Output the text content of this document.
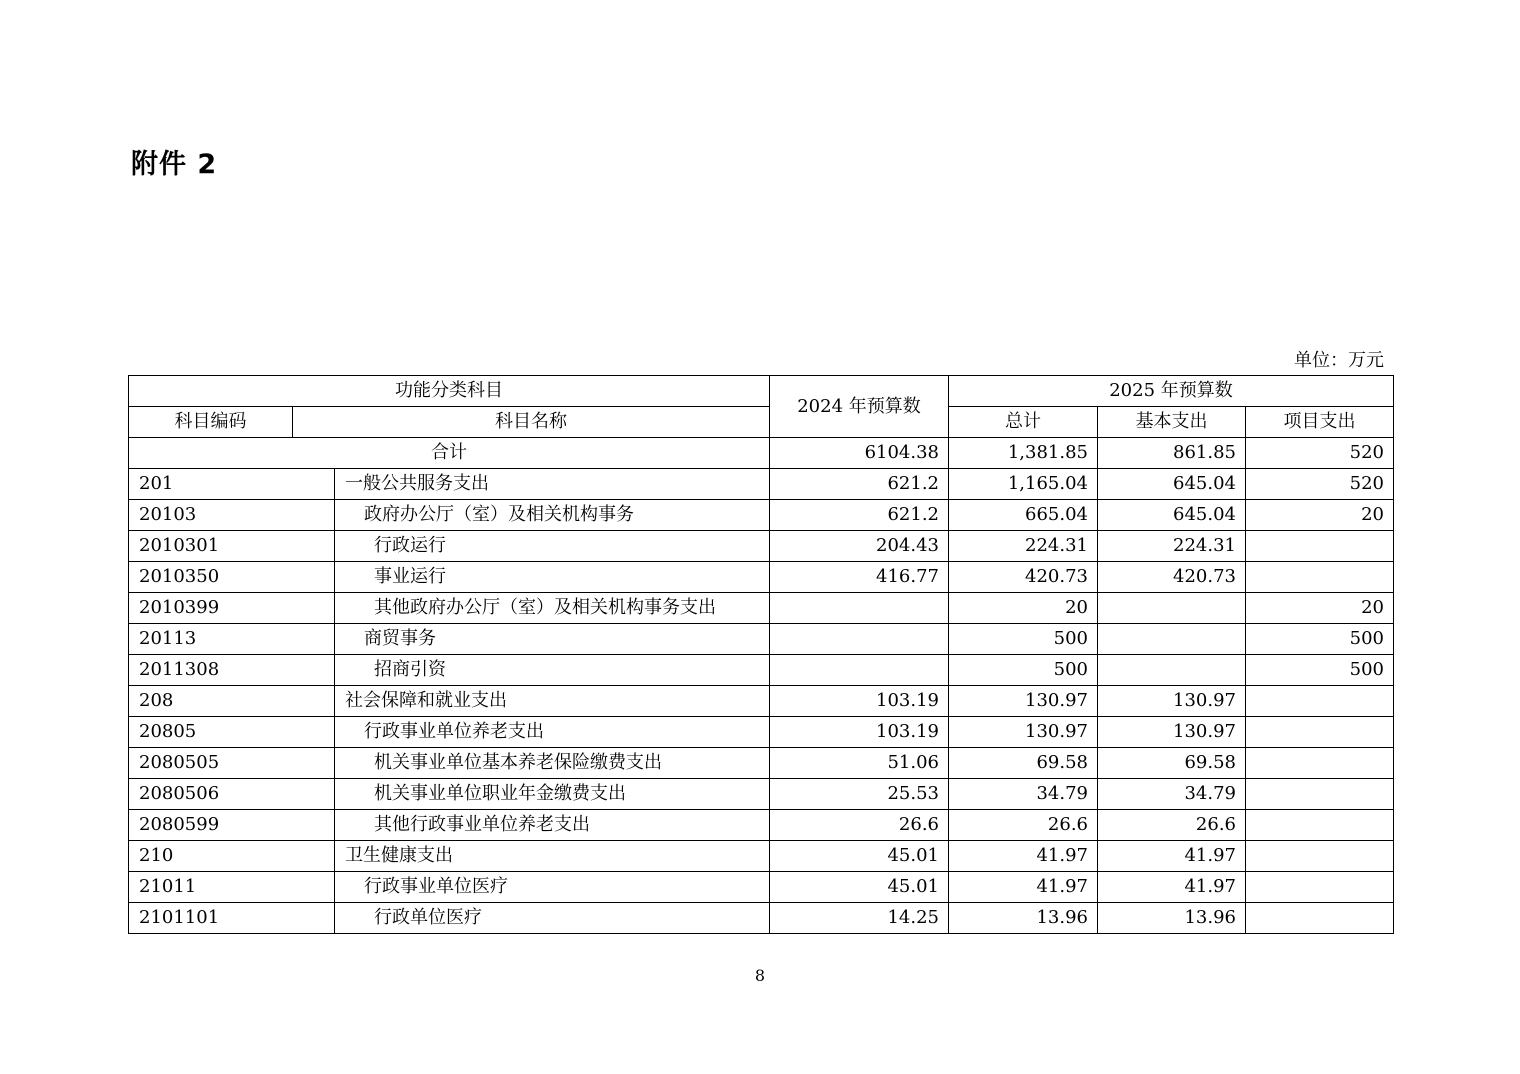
附件 2
单位：万元
功能分类科目			2024 年预算数	2025 年预算数		
科目编码	科目名称			总计	基本支出	项目支出
合计			6104.38	1,381.85	861.85	520
201		一般公共服务支出	621.2	1,165.04	645.04	520
20103		政府办公厅（室）及相关机构事务	621.2	665.04	645.04	20
2010301		行政运行	204.43	224.31	224.31	
2010350		事业运行	416.77	420.73	420.73	
2010399		其他政府办公厅（室）及相关机构事务支出		20		20
20113		商贸事务		500		500
2011308		招商引资		500		500
208		社会保障和就业支出	103.19	130.97	130.97	
20805		行政事业单位养老支出	103.19	130.97	130.97	
2080505		机关事业单位基本养老保险缴费支出	51.06	69.58	69.58	
2080506		机关事业单位职业年金缴费支出	25.53	34.79	34.79	
2080599		其他行政事业单位养老支出	26.6	26.6	26.6	
210		卫生健康支出	45.01	41.97	41.97	
21011		行政事业单位医疗	45.01	41.97	41.97	
2101101		行政单位医疗	14.25	13.96	13.96	
8
